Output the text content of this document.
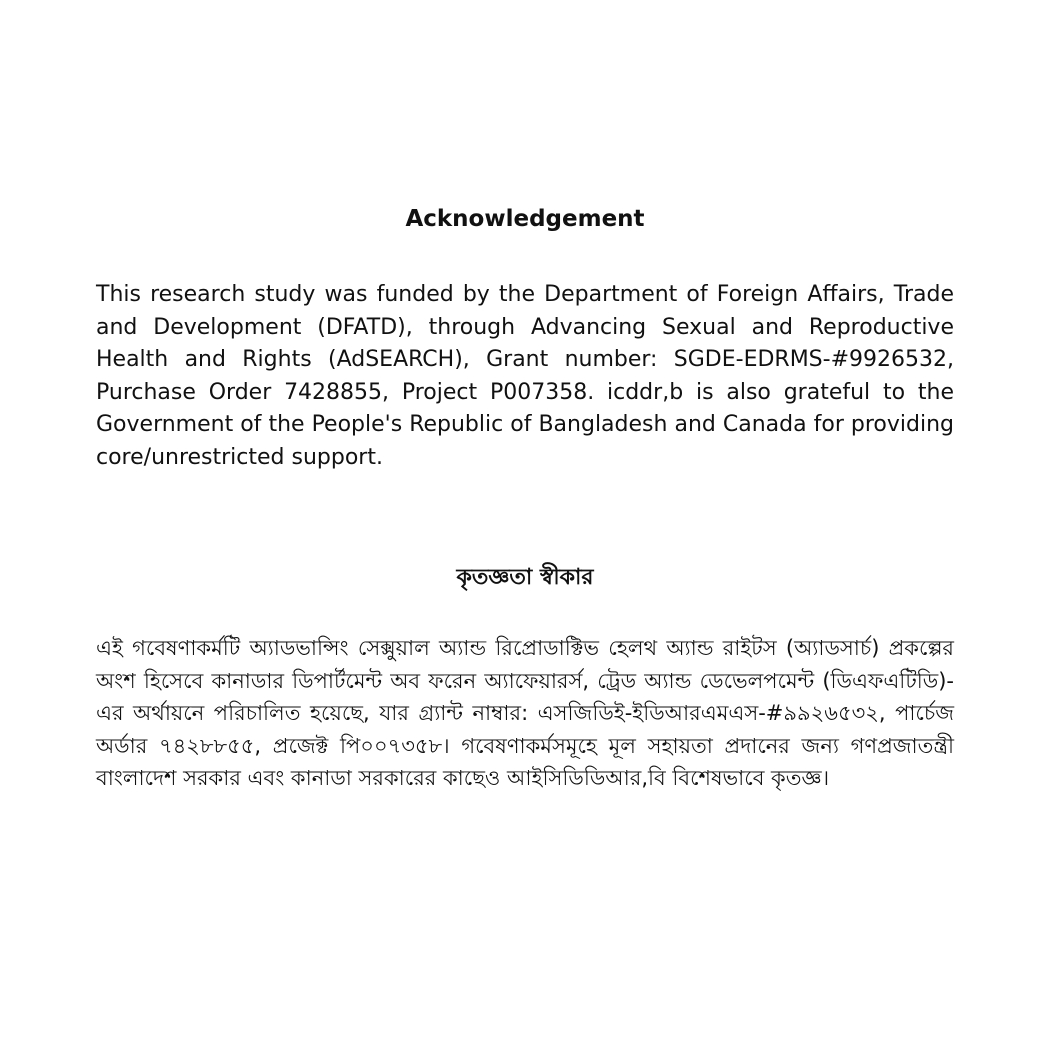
Acknowledgement

This research study was funded by the Department of Foreign Affairs, Trade and Development (DFATD), through Advancing Sexual and Reproductive Health and Rights (AdSEARCH), Grant number: SGDE-EDRMS-#9926532, Purchase Order 7428855, Project P007358. icddr,b is also grateful to the Government of the People's Republic of Bangladesh and Canada for providing core/unrestricted support.

কৃতজ্ঞতা স্বীকার

এই গবেষণাকর্মটি অ্যাডভান্সিং সেক্সুয়াল অ্যান্ড রিপ্রোডাক্টিভ হেলথ অ্যান্ড রাইটস (অ্যাডসার্চ) প্রকল্পের অংশ হিসেবে কানাডার ডিপার্টমেন্ট অব ফরেন অ্যাফেয়ারর্স, ট্রেড অ্যান্ড ডেভেলপমেন্ট (ডিএফএটিডি)-এর অর্থায়নে পরিচালিত হয়েছে, যার গ্র্যান্ট নাম্বার: এসজিডিই-ইডিআরএমএস-#৯৯২৬৫৩২, পার্চেজ অর্ডার ৭৪২৮৮৫৫, প্রজেক্ট পি০০৭৩৫৮। গবেষণাকর্মসমূহে মূল সহায়তা প্রদানের জন্য গণপ্রজাতন্ত্রী বাংলাদেশ সরকার এবং কানাডা সরকারের কাছেও আইসিডিডিআর,বি বিশেষভাবে কৃতজ্ঞ।
